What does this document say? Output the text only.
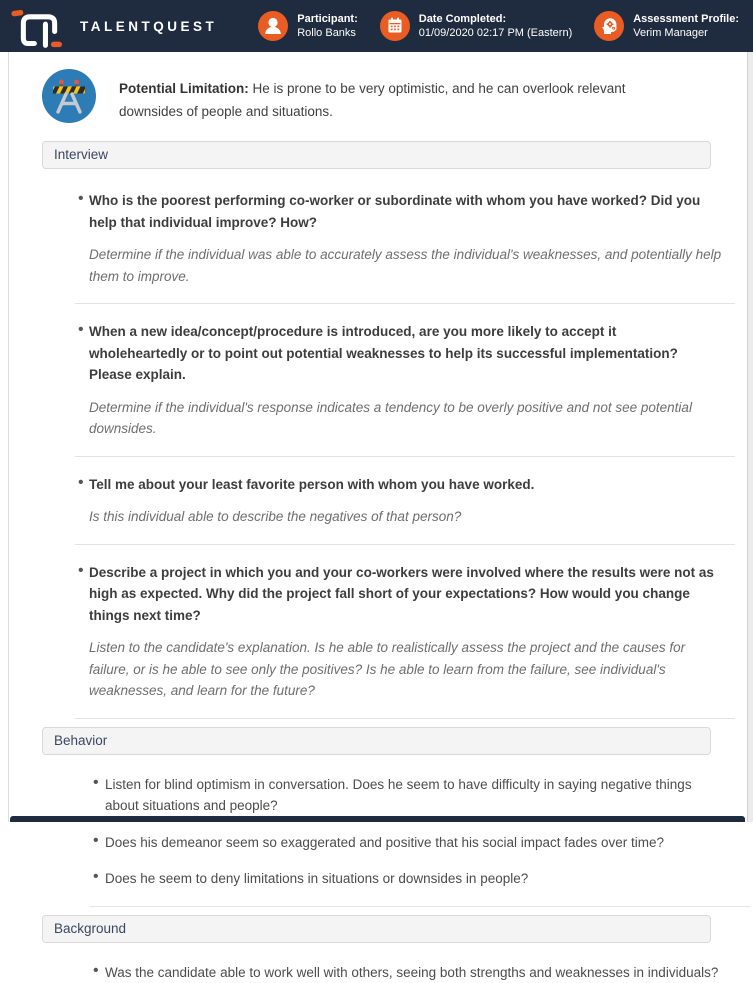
TALENTQUEST	Participant:
Rollo Banks
Date Completed:
01/09/2020 02:17 PM (Eastern)
Assessment Profile:
Verim Manager

Potential Limitation: He is prone to be very optimistic, and he can overlook relevant downsides of people and situations.

Interview
• Who is the poorest performing co-worker or subordinate with whom you have worked? Did you help that individual improve? How?
Determine if the individual was able to accurately assess the individual's weaknesses, and potentially help them to improve.
• When a new idea/concept/procedure is introduced, are you more likely to accept it wholeheartedly or to point out potential weaknesses to help its successful implementation? Please explain.
Determine if the individual's response indicates a tendency to be overly positive and not see potential downsides.
• Tell me about your least favorite person with whom you have worked.
Is this individual able to describe the negatives of that person?
• Describe a project in which you and your co-workers were involved where the results were not as high as expected. Why did the project fall short of your expectations? How would you change things next time?
Listen to the candidate's explanation. Is he able to realistically assess the project and the causes for failure, or is he able to see only the positives? Is he able to learn from the failure, see individual's weaknesses, and learn for the future?
Behavior
• Listen for blind optimism in conversation. Does he seem to have difficulty in saying negative things about situations and people?
• Does his demeanor seem so exaggerated and positive that his social impact fades over time?
• Does he seem to deny limitations in situations or downsides in people?
Background
• Was the candidate able to work well with others, seeing both strengths and weaknesses in individuals?
